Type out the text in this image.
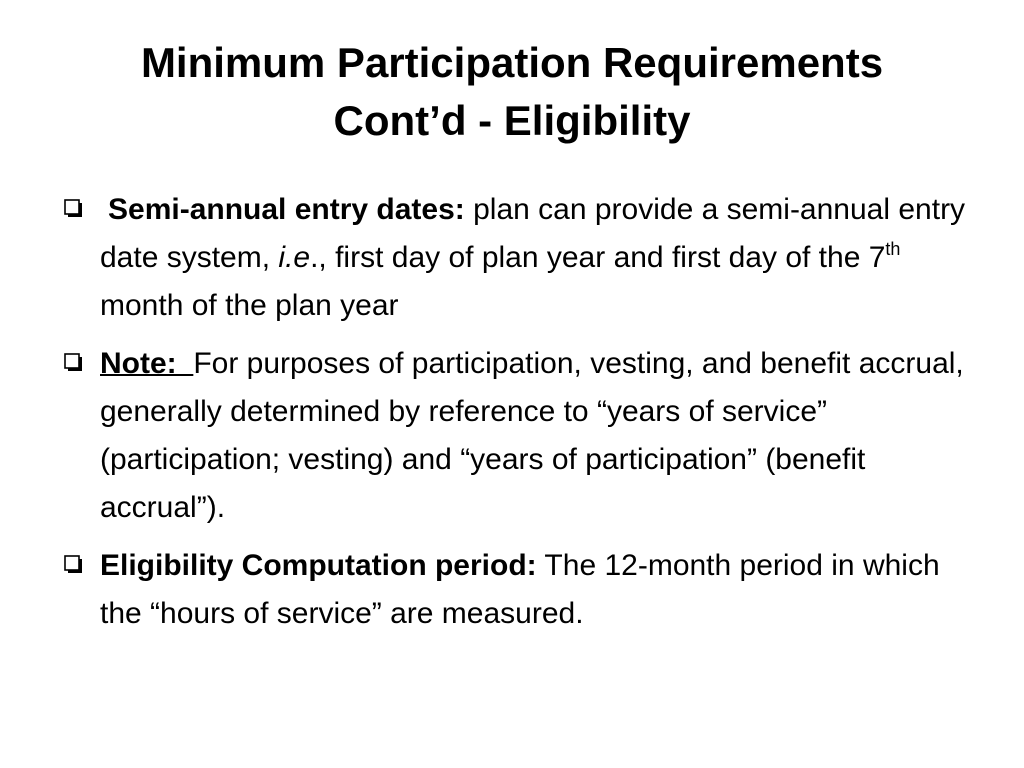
Minimum Participation Requirements
Cont’d - Eligibility
Semi-annual entry dates: plan can provide a semi-annual entry date system, i.e., first day of plan year and first day of the 7th month of the plan year
Note:  For purposes of participation, vesting, and benefit accrual, generally determined by reference to “years of service” (participation; vesting) and “years of participation” (benefit accrual”).
Eligibility Computation period: The 12-month period in which the “hours of service” are measured.
